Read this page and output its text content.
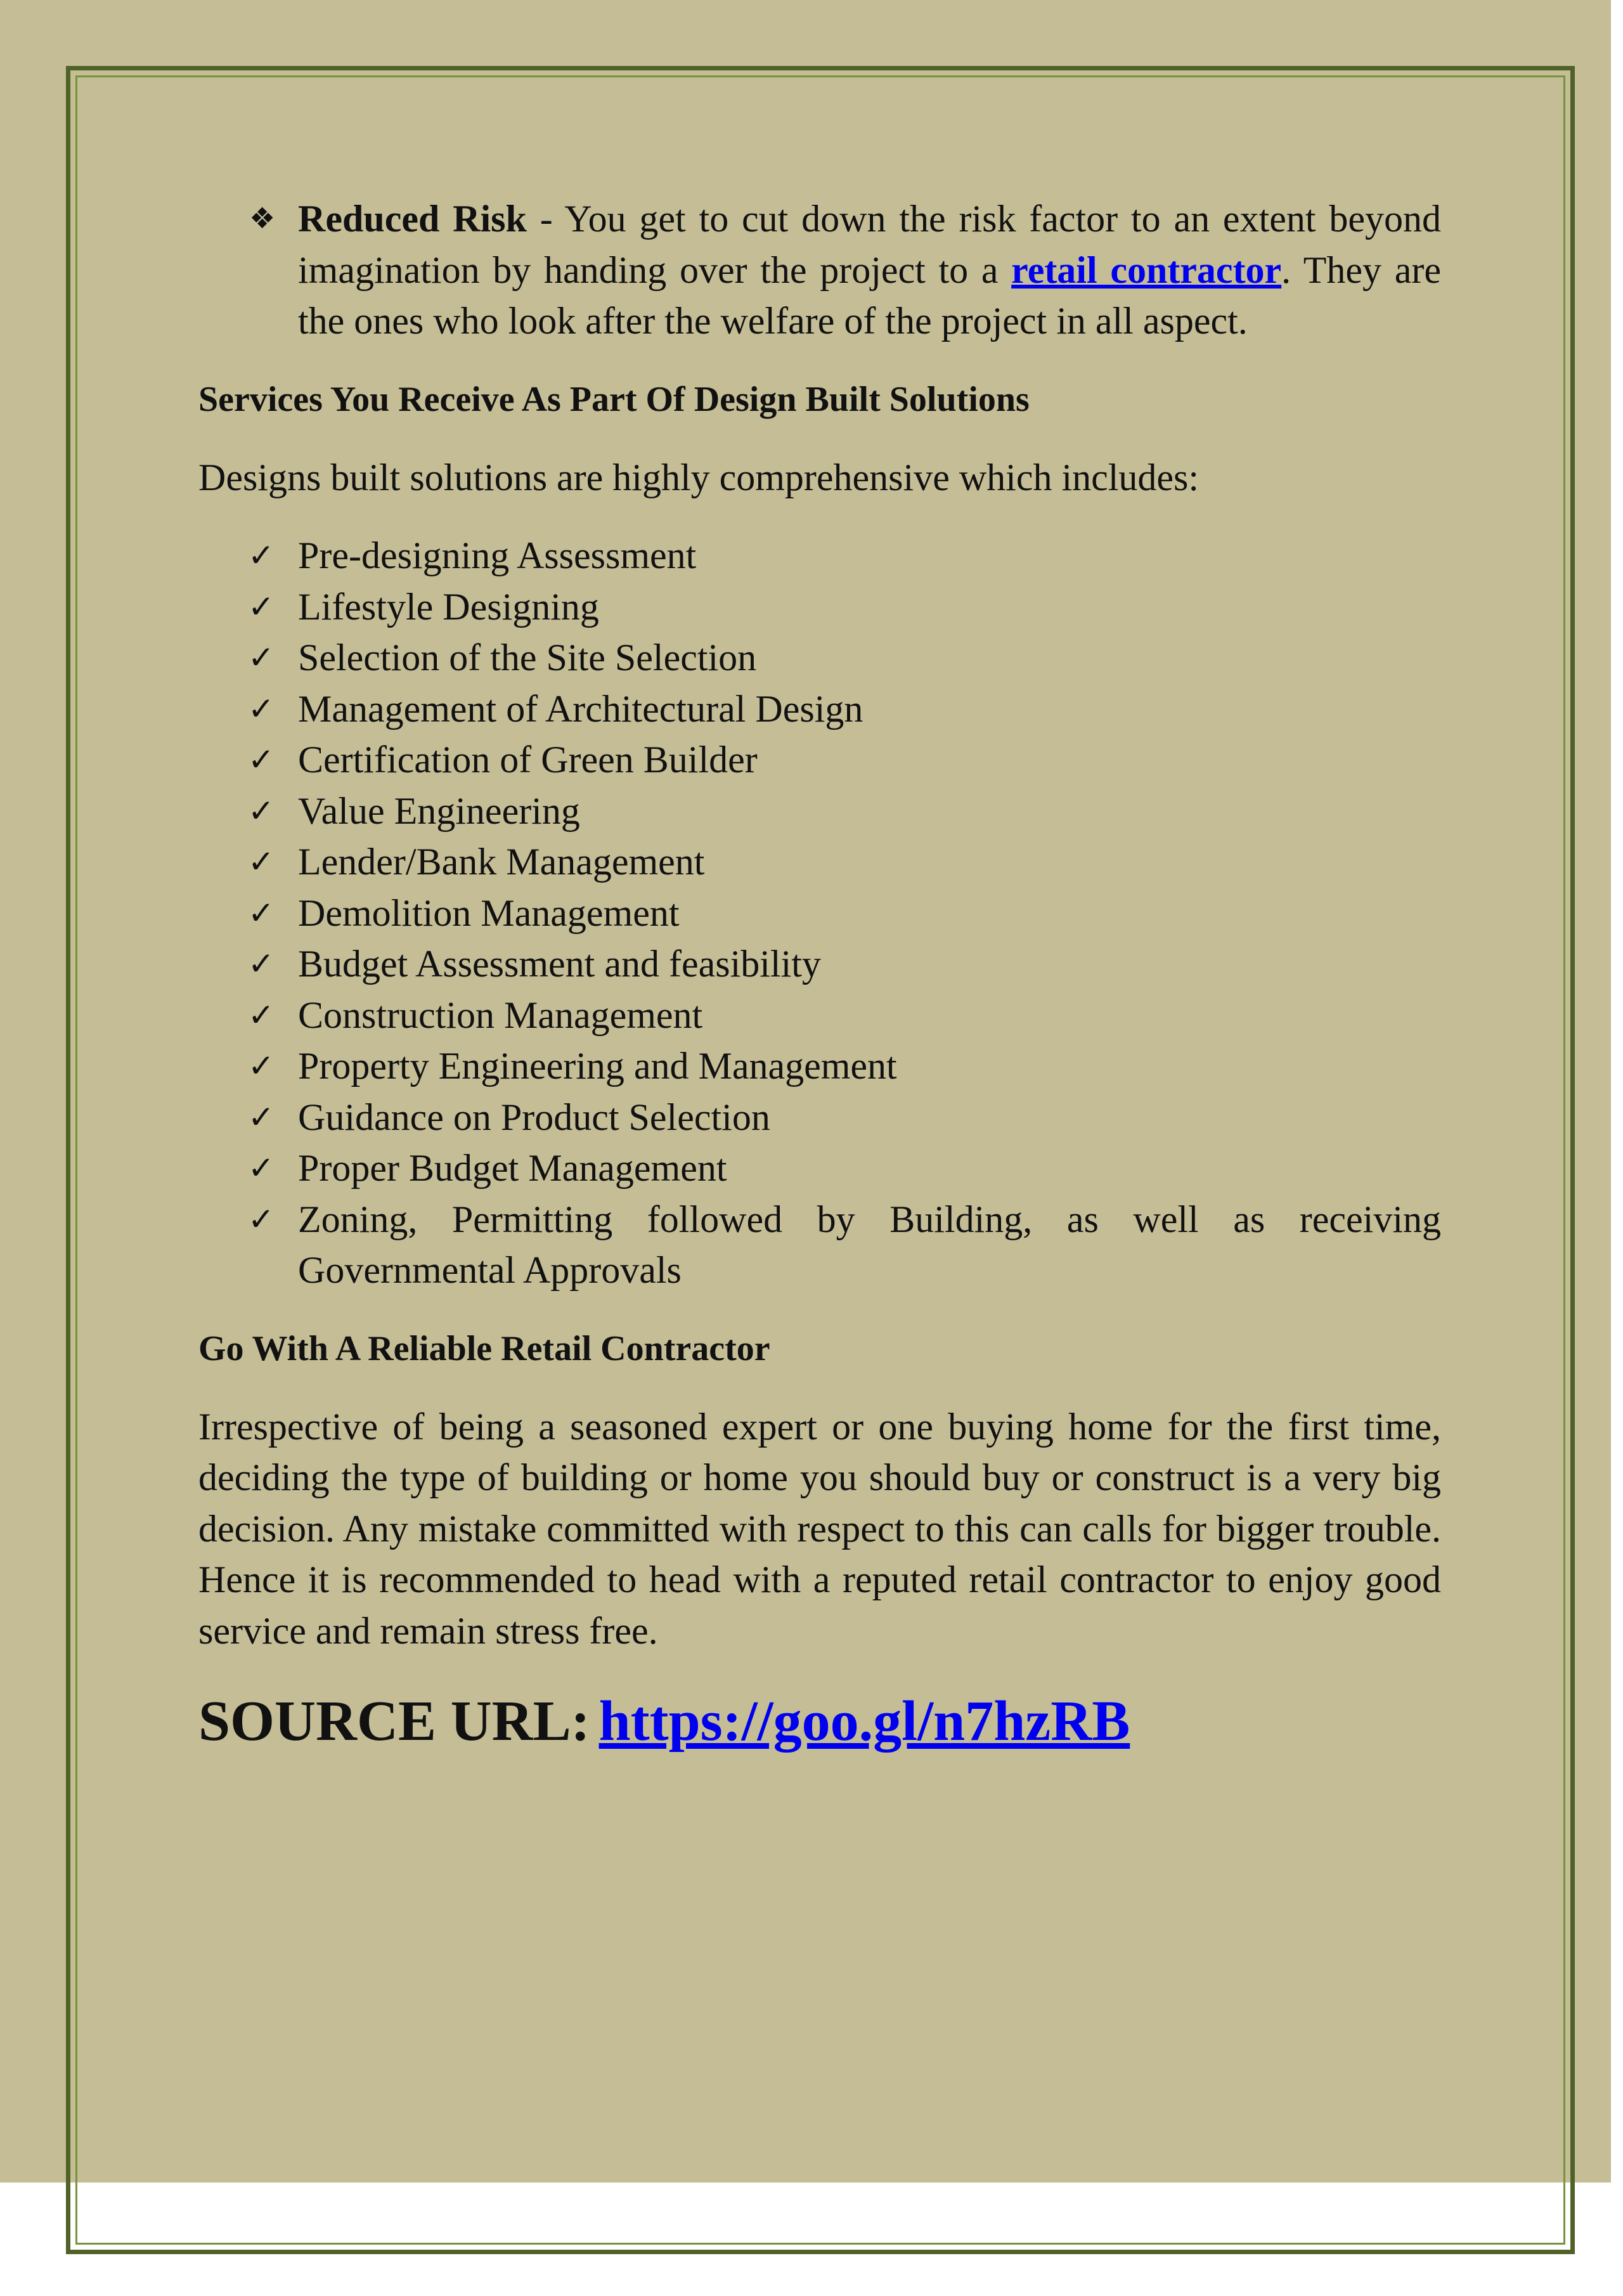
❖ Reduced Risk - You get to cut down the risk factor to an extent beyond imagination by handing over the project to a retail contractor. They are the ones who look after the welfare of the project in all aspect.

Services You Receive As Part Of Design Built Solutions

Designs built solutions are highly comprehensive which includes:

✓ Pre-designing Assessment
✓ Lifestyle Designing
✓ Selection of the Site Selection
✓ Management of Architectural Design
✓ Certification of Green Builder
✓ Value Engineering
✓ Lender/Bank Management
✓ Demolition Management
✓ Budget Assessment and feasibility
✓ Construction Management
✓ Property Engineering and Management
✓ Guidance on Product Selection
✓ Proper Budget Management
✓ Zoning, Permitting followed by Building, as well as receiving Governmental Approvals
Go With A Reliable Retail Contractor

Irrespective of being a seasoned expert or one buying home for the first time, deciding the type of building or home you should buy or construct is a very big decision. Any mistake committed with respect to this can calls for bigger trouble. Hence it is recommended to head with a reputed retail contractor to enjoy good service and remain stress free.

SOURCE URL: https://goo.gl/n7hzRB
